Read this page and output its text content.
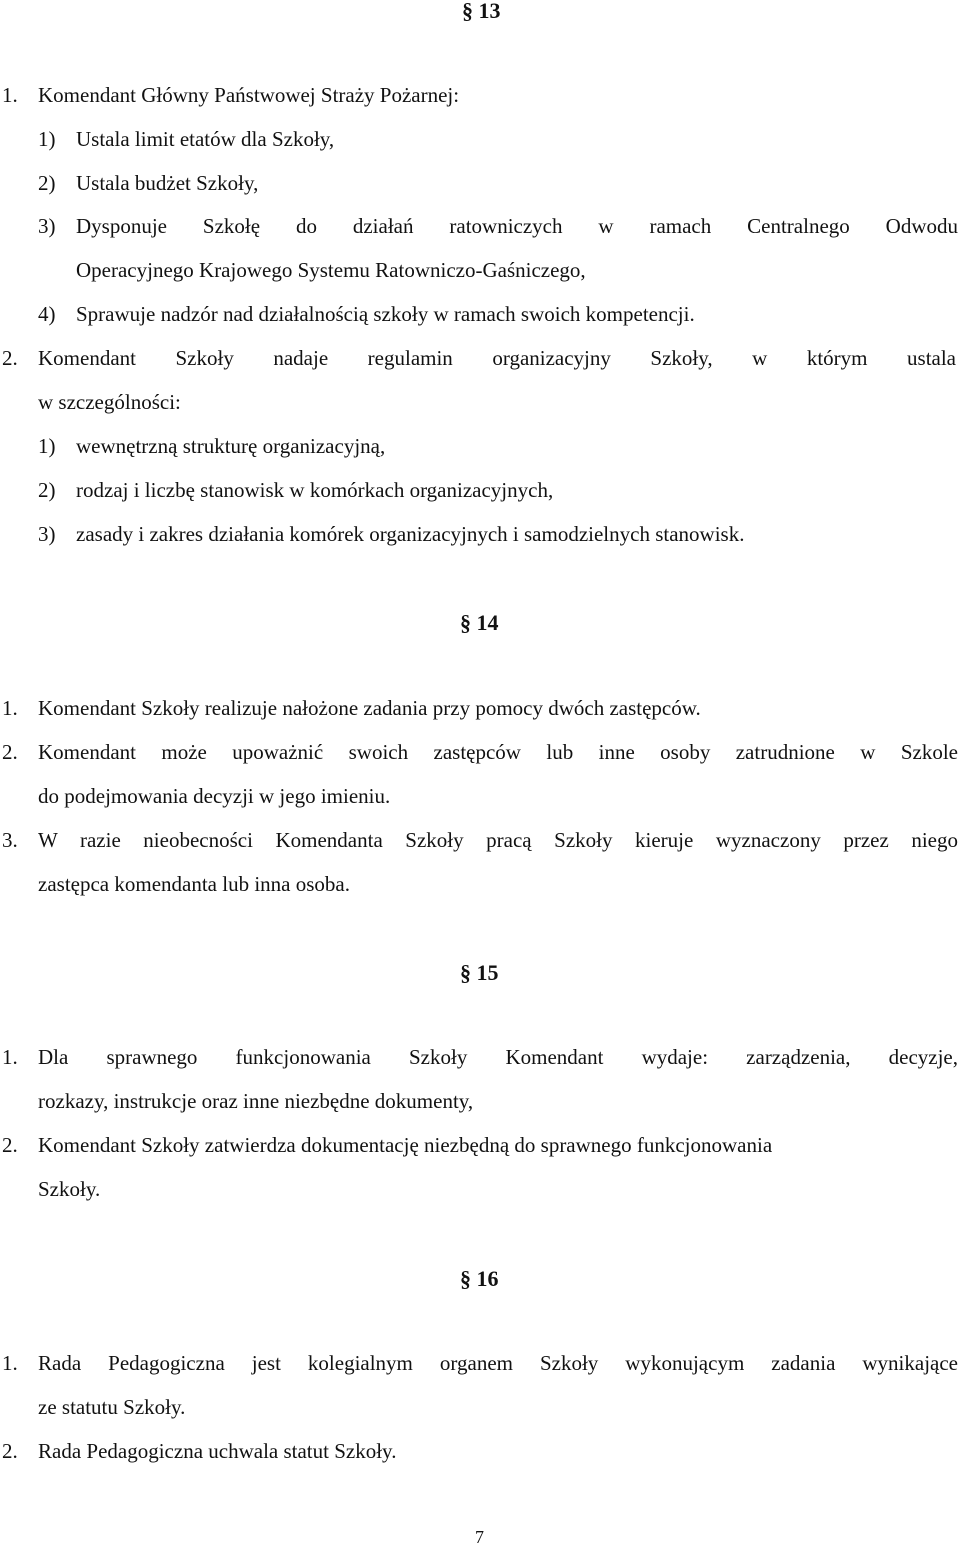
§ 13
1. Komendant Główny Państwowej Straży Pożarnej:
1) Ustala limit etatów dla Szkoły,
2) Ustala budżet Szkoły,
3) Dysponuje Szkołę do działań ratowniczych w ramach Centralnego Odwodu
Operacyjnego Krajowego Systemu Ratowniczo-Gaśniczego,
4) Sprawuje nadzór nad działalnością szkoły w ramach swoich kompetencji.
2. Komendant Szkoły nadaje regulamin organizacyjny Szkoły, w którym ustala
w szczególności:
1) wewnętrzną strukturę organizacyjną,
2) rodzaj i liczbę stanowisk w komórkach organizacyjnych,
3) zasady i zakres działania komórek organizacyjnych i samodzielnych stanowisk.
§ 14
1. Komendant Szkoły realizuje nałożone zadania przy pomocy dwóch zastępców.
2. Komendant może upoważnić swoich zastępców lub inne osoby zatrudnione w Szkole
do podejmowania decyzji w jego imieniu.
3. W razie nieobecności Komendanta Szkoły pracą Szkoły kieruje wyznaczony przez niego
zastępca komendanta lub inna osoba.
§ 15
1. Dla sprawnego funkcjonowania Szkoły Komendant wydaje: zarządzenia, decyzje,
rozkazy, instrukcje oraz inne niezbędne dokumenty,
2. Komendant Szkoły zatwierdza dokumentację niezbędną do sprawnego funkcjonowania
Szkoły.
§ 16
1. Rada Pedagogiczna jest kolegialnym organem Szkoły wykonującym zadania wynikające
ze statutu Szkoły.
2. Rada Pedagogiczna uchwala statut Szkoły.
7
